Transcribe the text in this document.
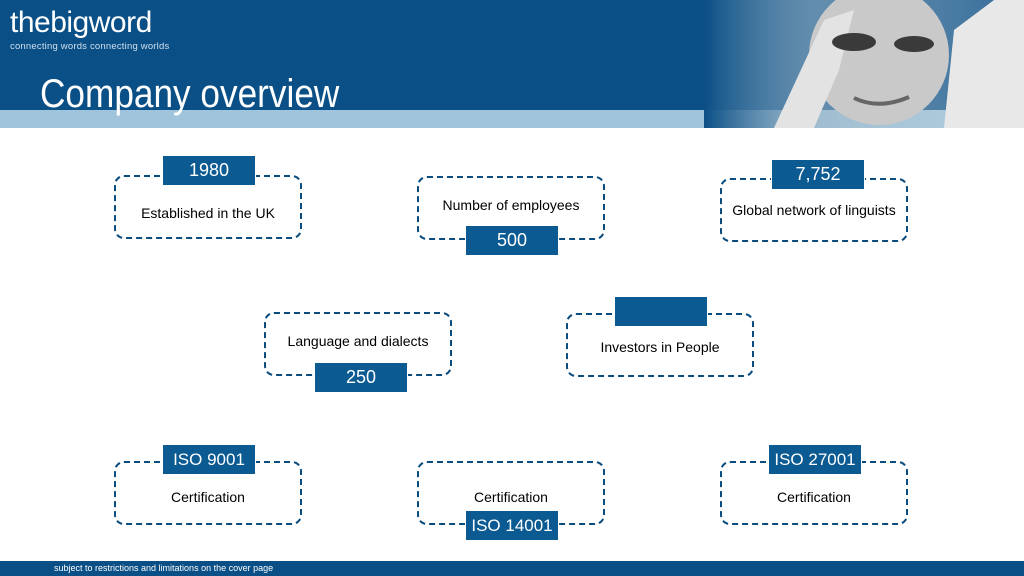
thebigword
connecting words connecting worlds
Company overview
Established in the UK
1980
Number of employees
500
Global network of linguists
7,752
Language and dialects
250
Investors in People
Certification
ISO 9001
Certification
ISO 14001
Certification
ISO 27001
subject to restrictions and limitations on the cover page
